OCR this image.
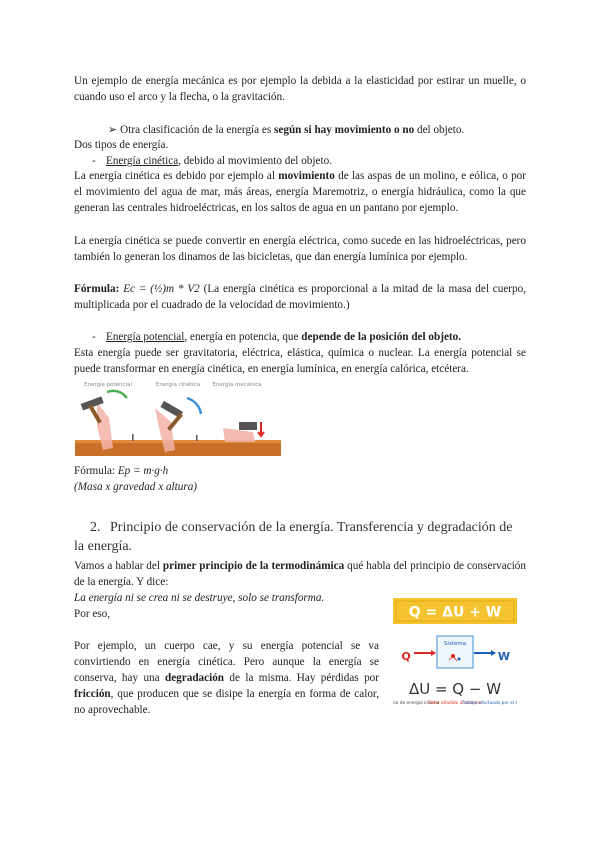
Un ejemplo de energía mecánica es por ejemplo la debida a la elasticidad por estirar un muelle, o cuando uso el arco y la flecha, o la gravitación.
➢ Otra clasificación de la energía es según si hay movimiento o no del objeto.
Dos tipos de energía.
- Energía cinética, debido al movimiento del objeto.
La energía cinética es debido por ejemplo al movimiento de las aspas de un molino, e eólica, o por el movimiento del agua de mar, más áreas, energía Maremotriz, o energía hidráulica, como la que generan las centrales hidroeléctricas, en los saltos de agua en un pantano por ejemplo.
La energía cinética se puede convertir en energía eléctrica, como sucede en las hidroeléctricas, pero también lo generan los dinamos de las bicicletas, que dan energía lumínica por ejemplo.
Fórmula: Ec = (½)m * V2 (La energía cinética es proporcional a la mitad de la masa del cuerpo, multiplicada por el cuadrado de la velocidad de movimiento.)
- Energía potencial, energía en potencia, que depende de la posición del objeto.
Esta energía puede ser gravitatoria, eléctrica, elástica, química o nuclear. La energía potencial se puede transformar en energía cinética, en energía lumínica, en energía calórica, etcétera.
Energía potencial	Energía cinética Energía mecánica
Fórmula: Ep = m·g·h
(Masa x gravedad x altura)
2. Principio de conservación de la energía. Transferencia y degradación de la energía.
Vamos a hablar del primer principio de la termodinámica qué habla del principio de conservación de la energía. Y dice:
La energía ni se crea ni se destruye, solo se transforma.
Por eso,
Por ejemplo, un cuerpo cae, y su energía potencial se va convirtiendo en energía cinética. Pero aunque la energía se conserva, hay una degradación de la misma. Hay pérdidas por fricción, que producen que se disipe la energía en forma de calor, no aprovechable.
Q = ΔU + W
Sistema
Q	W
ΔU = Q − W
bio de energía interna
Calor añadido al sistema
Trabajo efectuado por el
